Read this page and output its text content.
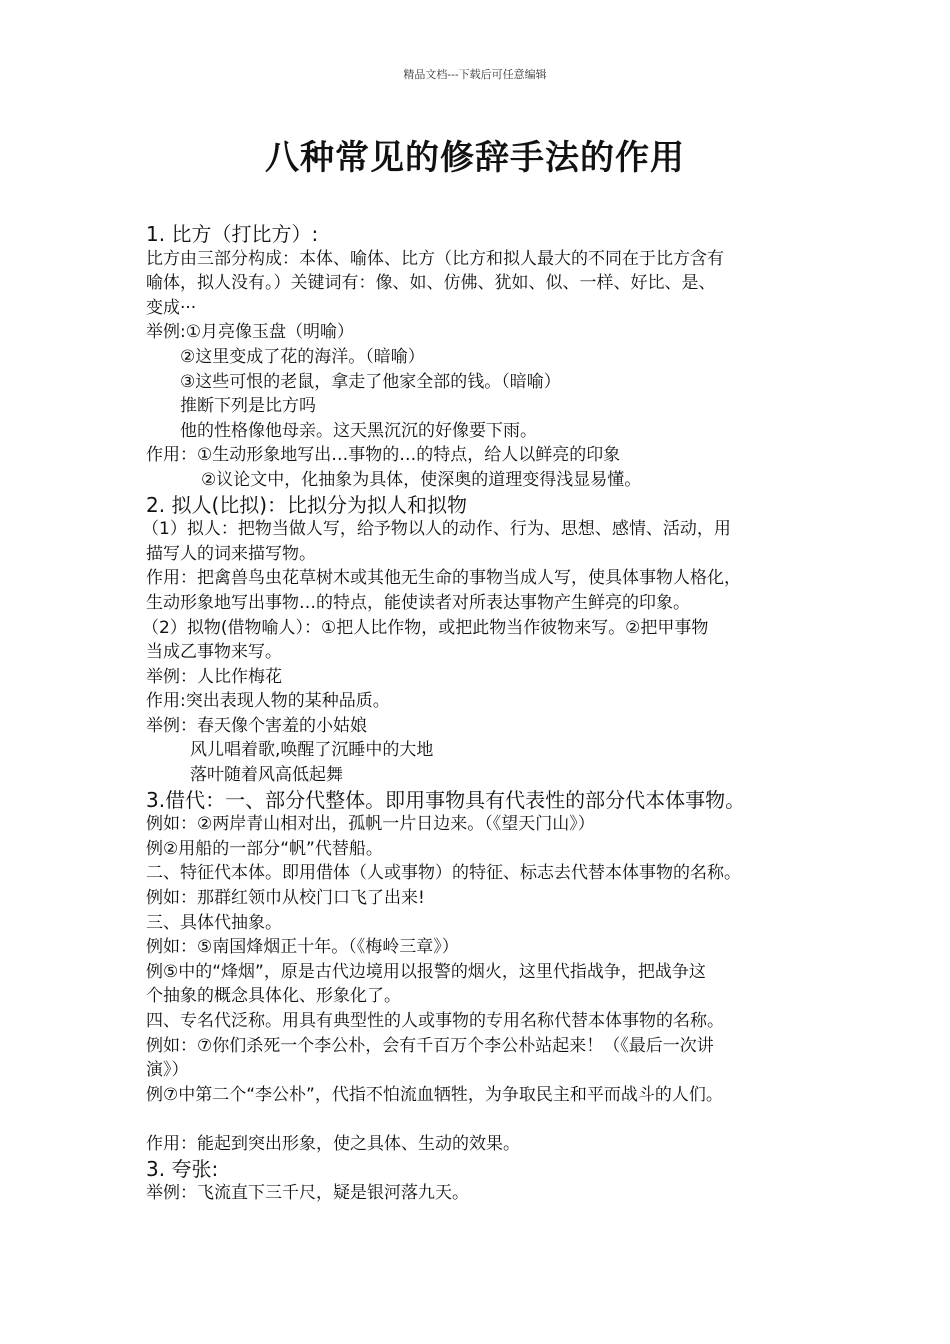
精品文档---下载后可任意编辑
八种常见的修辞手法的作用
1. 比方（打比方）:
比方由三部分构成：本体、喻体、比方（比方和拟人最大的不同在于比方含有
喻体，拟人没有。）关键词有：像、如、仿佛、犹如、似、一样、好比、是、
变成···
举例:①月亮像玉盘（明喻）
②这里变成了花的海洋。（暗喻）
③这些可恨的老鼠，拿走了他家全部的钱。（暗喻）
推断下列是比方吗
他的性格像他母亲。这天黑沉沉的好像要下雨。
作用：①生动形象地写出…事物的…的特点，给人以鲜亮的印象
②议论文中，化抽象为具体，使深奥的道理变得浅显易懂。
2. 拟人(比拟)：比拟分为拟人和拟物
（1）拟人：把物当做人写，给予物以人的动作、行为、思想、感情、活动，用
描写人的词来描写物。
作用：把禽兽鸟虫花草树木或其他无生命的事物当成人写，使具体事物人格化，
生动形象地写出事物…的特点，能使读者对所表达事物产生鲜亮的印象。
（2）拟物(借物喻人）：①把人比作物，或把此物当作彼物来写。②把甲事物
当成乙事物来写。
举例：人比作梅花
作用:突出表现人物的某种品质。
举例：春天像个害羞的小姑娘
风儿唱着歌,唤醒了沉睡中的大地
落叶随着风高低起舞
3.借代：一、部分代整体。即用事物具有代表性的部分代本体事物。
例如：②两岸青山相对出，孤帆一片日边来。（《望天门山》）
例②用船的一部分“帆”代替船。
二、特征代本体。即用借体（人或事物）的特征、标志去代替本体事物的名称。
例如：那群红领巾从校门口飞了出来!
三、具体代抽象。
例如：⑤南国烽烟正十年。（《梅岭三章》）
例⑤中的“烽烟”，原是古代边境用以报警的烟火，这里代指战争，把战争这
个抽象的概念具体化、形象化了。
四、专名代泛称。用具有典型性的人或事物的专用名称代替本体事物的名称。
例如：⑦你们杀死一个李公朴，会有千百万个李公朴站起来！（《最后一次讲
演》）
例⑦中第二个“李公朴”，代指不怕流血牺牲，为争取民主和平而战斗的人们。
作用：能起到突出形象，使之具体、生动的效果。
3. 夸张:
举例：飞流直下三千尺，疑是银河落九天。
